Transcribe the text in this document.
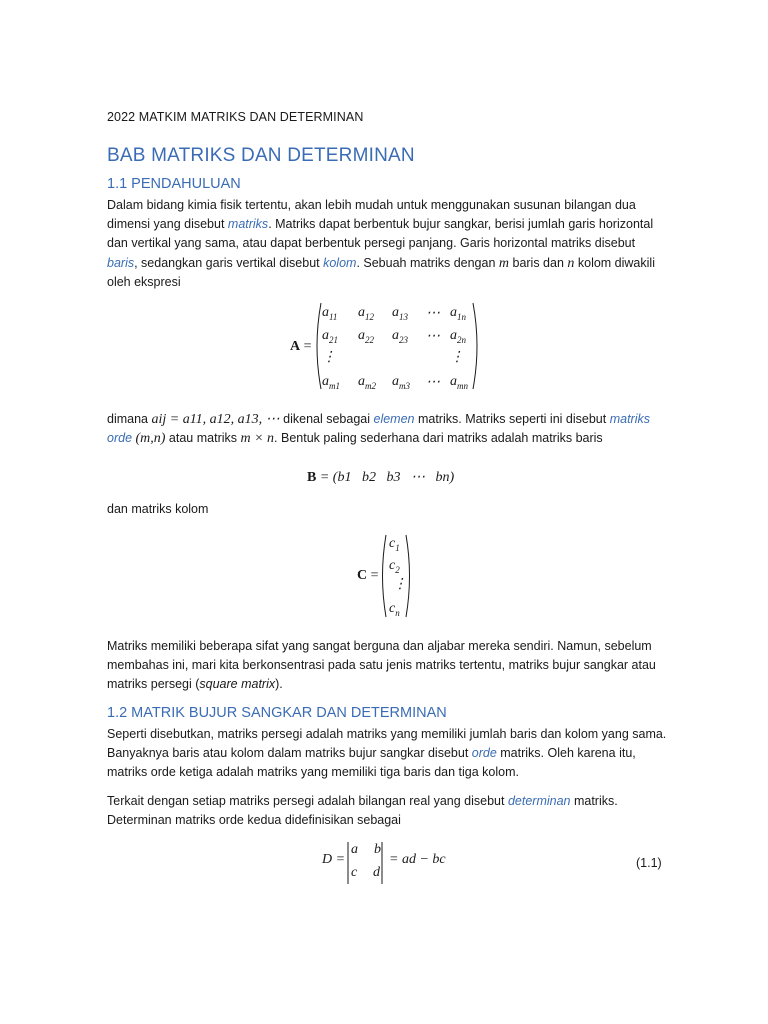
2022 MATKIM MATRIKS DAN DETERMINAN
BAB MATRIKS DAN DETERMINAN
1.1 PENDAHULUAN

Dalam bidang kimia fisik tertentu, akan lebih mudah untuk menggunakan susunan bilangan dua dimensi yang disebut matriks. Matriks dapat berbentuk bujur sangkar, berisi jumlah garis horizontal dan vertikal yang sama, atau dapat berbentuk persegi panjang. Garis horizontal matriks disebut baris, sedangkan garis vertikal disebut kolom. Sebuah matriks dengan m baris dan n kolom diwakili oleh ekspresi

A =
$a_{11}$ $a_{12}$ $a_{13}$ ⋯ $a_{1n}$
$a_{21}$ $a_{22}$ $a_{23}$ ⋯ $a_{2n}$
⋮	⋮
$a_{m1}$ $a_{m2}$ $a_{m3}$ ⋯ $a_{mn}$

dimana aij = a11, a12, a13, ⋯ dikenal sebagai elemen matriks. Matriks seperti ini disebut matriks orde (m,n) atau matriks m × n. Bentuk paling sederhana dari matriks adalah matriks baris

B = (b1   b2   b3   ⋯   bn)
dan matriks kolom
C =
$c_1$
$c_2$
⋮
$c_n$

Matriks memiliki beberapa sifat yang sangat berguna dan aljabar mereka sendiri. Namun, sebelum membahas ini, mari kita berkonsentrasi pada satu jenis matriks tertentu, matriks bujur sangkar atau matriks persegi (square matrix).

1.2 MATRIK BUJUR SANGKAR DAN DETERMINAN

Seperti disebutkan, matriks persegi adalah matriks yang memiliki jumlah baris dan kolom yang sama. Banyaknya baris atau kolom dalam matriks bujur sangkar disebut orde matriks. Oleh karena itu, matriks orde ketiga adalah matriks yang memiliki tiga baris dan tiga kolom.

Terkait dengan setiap matriks persegi adalah bilangan real yang disebut determinan matriks. Determinan matriks orde kedua didefinisikan sebagai

D =
a b
c d
= ad − bc	(1.1)
